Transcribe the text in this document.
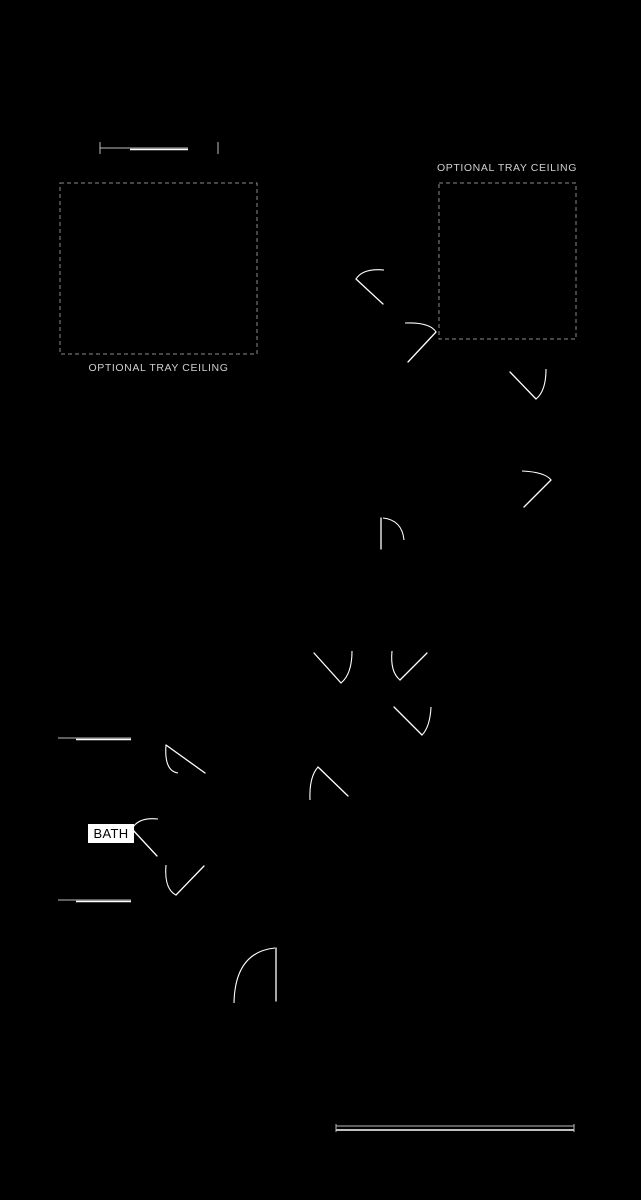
OPTIONAL TRAY CEILING
OPTIONAL TRAY CEILING
BATH
